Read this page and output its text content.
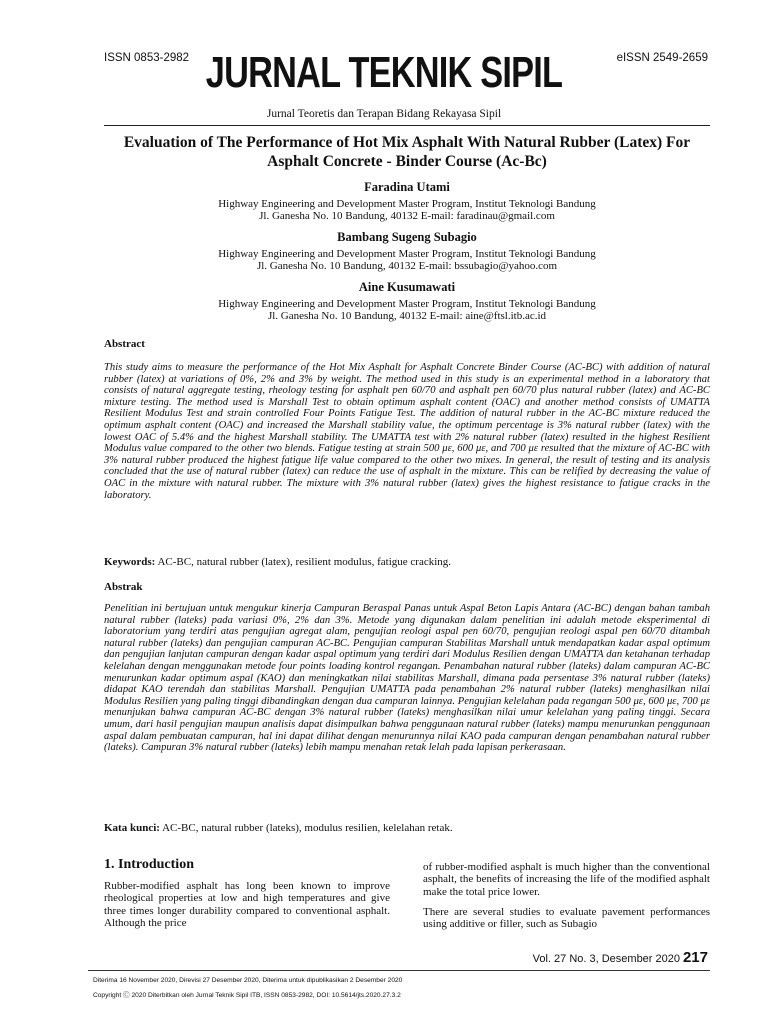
ISSN 0853-2982	eISSN 2549-2659
JURNAL TEKNIK SIPIL
Jurnal Teoretis dan Terapan Bidang Rekayasa Sipil
Evaluation of The Performance of Hot Mix Asphalt With Natural Rubber (Latex) For Asphalt Concrete - Binder Course (Ac-Bc)
Faradina Utami
Highway Engineering and Development Master Program, Institut Teknologi Bandung
Jl. Ganesha No. 10 Bandung, 40132 E-mail: faradinau@gmail.com
Bambang Sugeng Subagio
Highway Engineering and Development Master Program, Institut Teknologi Bandung
Jl. Ganesha No. 10 Bandung, 40132 E-mail: bssubagio@yahoo.com
Aine Kusumawati
Highway Engineering and Development Master Program, Institut Teknologi Bandung
Jl. Ganesha No. 10 Bandung, 40132 E-mail: aine@ftsl.itb.ac.id
Abstract
This study aims to measure the performance of the Hot Mix Asphalt for Asphalt Concrete Binder Course (AC-BC) with addition of natural rubber (latex) at variations of 0%, 2% and 3% by weight. The method used in this study is an experimental method in a laboratory that consists of natural aggregate testing, rheology testing for asphalt pen 60/70 and asphalt pen 60/70 plus natural rubber (latex) and AC-BC mixture testing. The method used is Marshall Test to obtain optimum asphalt content (OAC) and another method consists of UMATTA Resilient Modulus Test and strain controlled Four Points Fatigue Test. The addition of natural rubber in the AC-BC mixture reduced the optimum asphalt content (OAC) and increased the Marshall stability value, the optimum percentage is 3% natural rubber (latex) with the lowest OAC of 5.4% and the highest Marshall stability. The UMATTA test with 2% natural rubber (latex) resulted in the highest Resilient Modulus value compared to the other two blends. Fatigue testing at strain 500 με, 600 με, and 700 με resulted that the mixture of AC-BC with 3% natural rubber produced the highest fatigue life value compared to the other two mixes. In general, the result of testing and its analysis concluded that the use of natural rubber (latex) can reduce the use of asphalt in the mixture. This can be relified by decreasing the value of OAC in the mixture with natural rubber. The mixture with 3% natural rubber (latex) gives the highest resistance to fatigue cracks in the laboratory.
Keywords: AC-BC, natural rubber (latex), resilient modulus, fatigue cracking.
Abstrak
Penelitian ini bertujuan untuk mengukur kinerja Campuran Beraspal Panas untuk Aspal Beton Lapis Antara (AC-BC) dengan bahan tambah natural rubber (lateks) pada variasi 0%, 2% dan 3%. Metode yang digunakan dalam penelitian ini adalah metode eksperimental di laboratorium yang terdiri atas pengujian agregat alam, pengujian reologi aspal pen 60/70, pengujian reologi aspal pen 60/70 ditambah natural rubber (lateks) dan pengujian campuran AC-BC. Pengujian campuran Stabilitas Marshall untuk mendapatkan kadar aspal optimum dan pengujian lanjutan campuran dengan kadar aspal optimum yang terdiri dari Modulus Resilien dengan UMATTA dan ketahanan terhadap kelelahan dengan menggunakan metode four points loading kontrol regangan. Penambahan natural rubber (lateks) dalam campuran AC-BC menurunkan kadar optimum aspal (KAO) dan meningkatkan nilai stabilitas Marshall, dimana pada persentase 3% natural rubber (lateks) didapat KAO terendah dan stabilitas Marshall. Pengujian UMATTA pada penambahan 2% natural rubber (lateks) menghasilkan nilai Modulus Resilien yang paling tinggi dibandingkan dengan dua campuran lainnya. Pengujian kelelahan pada regangan 500 με, 600 με, 700 με menunjukan bahwa campuran AC-BC dengan 3% natural rubber (lateks) menghasilkan nilai umur kelelahan yang paling tinggi. Secara umum, dari hasil pengujian maupun analisis dapat disimpulkan bahwa penggunaan natural rubber (lateks) mampu menurunkan penggunaan aspal dalam pembuatan campuran, hal ini dapat dilihat dengan menurunnya nilai KAO pada campuran dengan penambahan natural rubber (lateks). Campuran 3% natural rubber (lateks) lebih mampu menahan retak lelah pada lapisan perkerasaan.
Kata kunci: AC-BC, natural rubber (lateks), modulus resilien, kelelahan retak.
1. Introduction
Rubber-modified asphalt has long been known to improve rheological properties at low and high temperatures and give three times longer durability compared to conventional asphalt. Although the price
of rubber-modified asphalt is much higher than the conventional asphalt, the benefits of increasing the life of the modified asphalt make the total price lower.
There are several studies to evaluate pavement performances using additive or filler, such as Subagio
Vol. 27 No. 3, Desember 2020 217
Diterima 16 November 2020, Direvisi 27 Desember 2020, Diterima untuk dipublikasikan 2 Desember 2020
Copyright Ⓒ 2020 Diterbitkan oleh Jurnal Teknik Sipil ITB, ISSN 0853-2982, DOI: 10.5614/jts.2020.27.3.2
